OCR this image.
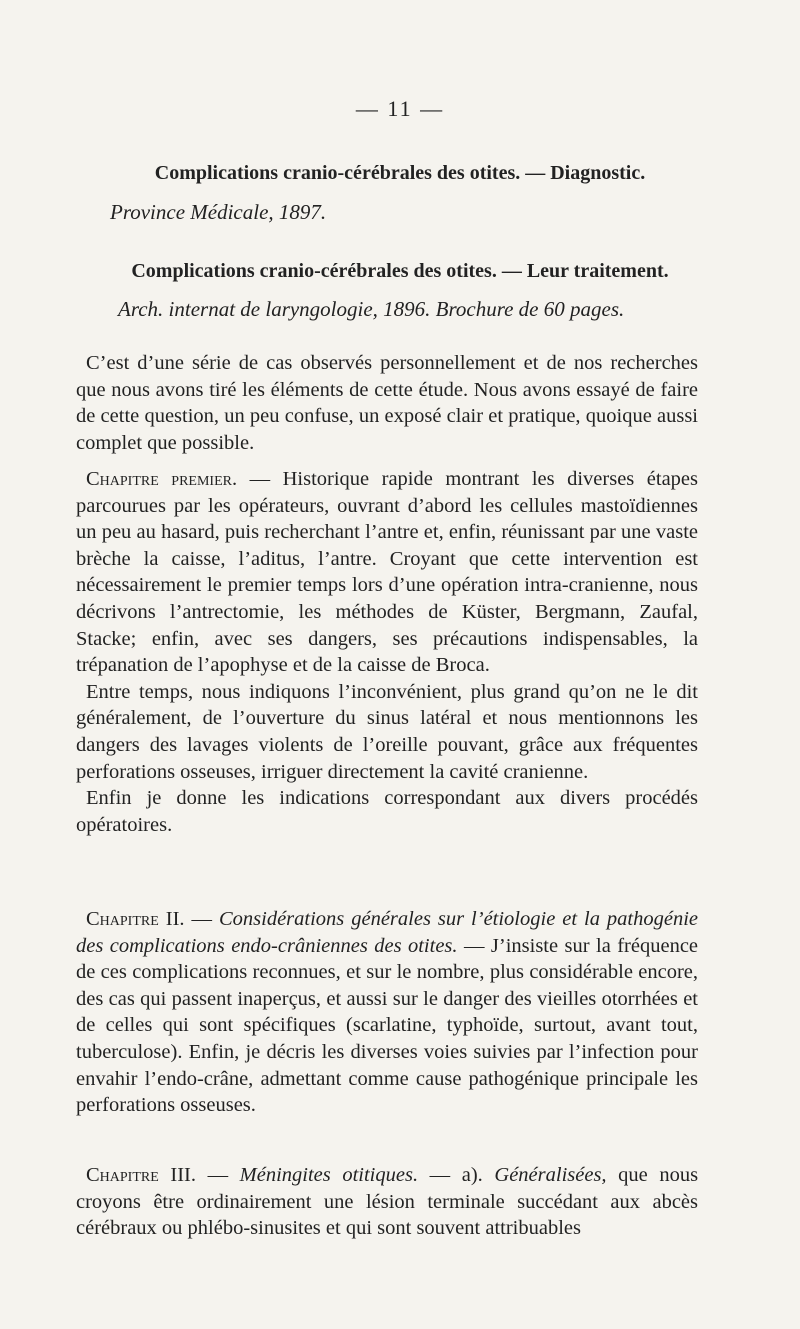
— 11 —
Complications cranio-cérébrales des otites. — Diagnostic.
Province Médicale, 1897.
Complications cranio-cérébrales des otites. — Leur traitement.
Arch. internat de laryngologie, 1896. Brochure de 60 pages.

C’est d’une série de cas observés personnellement et de nos recherches que nous avons tiré les éléments de cette étude. Nous avons essayé de faire de cette question, un peu confuse, un exposé clair et pratique, quoique aussi complet que possible.

Chapitre premier. — Historique rapide montrant les diverses étapes parcourues par les opérateurs, ouvrant d’abord les cellules mastoïdiennes un peu au hasard, puis recherchant l’antre et, enfin, réunissant par une vaste brèche la caisse, l’aditus, l’antre. Croyant que cette intervention est nécessairement le premier temps lors d’une opération intra-cranienne, nous décrivons l’antrectomie, les méthodes de Küster, Bergmann, Zaufal, Stacke; enfin, avec ses dangers, ses précautions indispensables, la trépanation de l’apophyse et de la caisse de Broca.

Entre temps, nous indiquons l’inconvénient, plus grand qu’on ne le dit généralement, de l’ouverture du sinus latéral et nous mentionnons les dangers des lavages violents de l’oreille pouvant, grâce aux fréquentes perforations osseuses, irriguer directement la cavité cranienne.

Enfin je donne les indications correspondant aux divers procédés opératoires.

Chapitre II. — Considérations générales sur l’étiologie et la pathogénie des complications endo-crâniennes des otites. — J’insiste sur la fréquence de ces complications reconnues, et sur le nombre, plus considérable encore, des cas qui passent inaperçus, et aussi sur le danger des vieilles otorrhées et de celles qui sont spécifiques (scarlatine, typhoïde, surtout, avant tout, tuberculose). Enfin, je décris les diverses voies suivies par l’infection pour envahir l’endo-crâne, admettant comme cause pathogénique principale les perforations osseuses.

Chapitre III. — Méningites otitiques. — a). Généralisées, que nous croyons être ordinairement une lésion terminale succédant aux abcès cérébraux ou phlébo-sinusites et qui sont souvent attribuables
